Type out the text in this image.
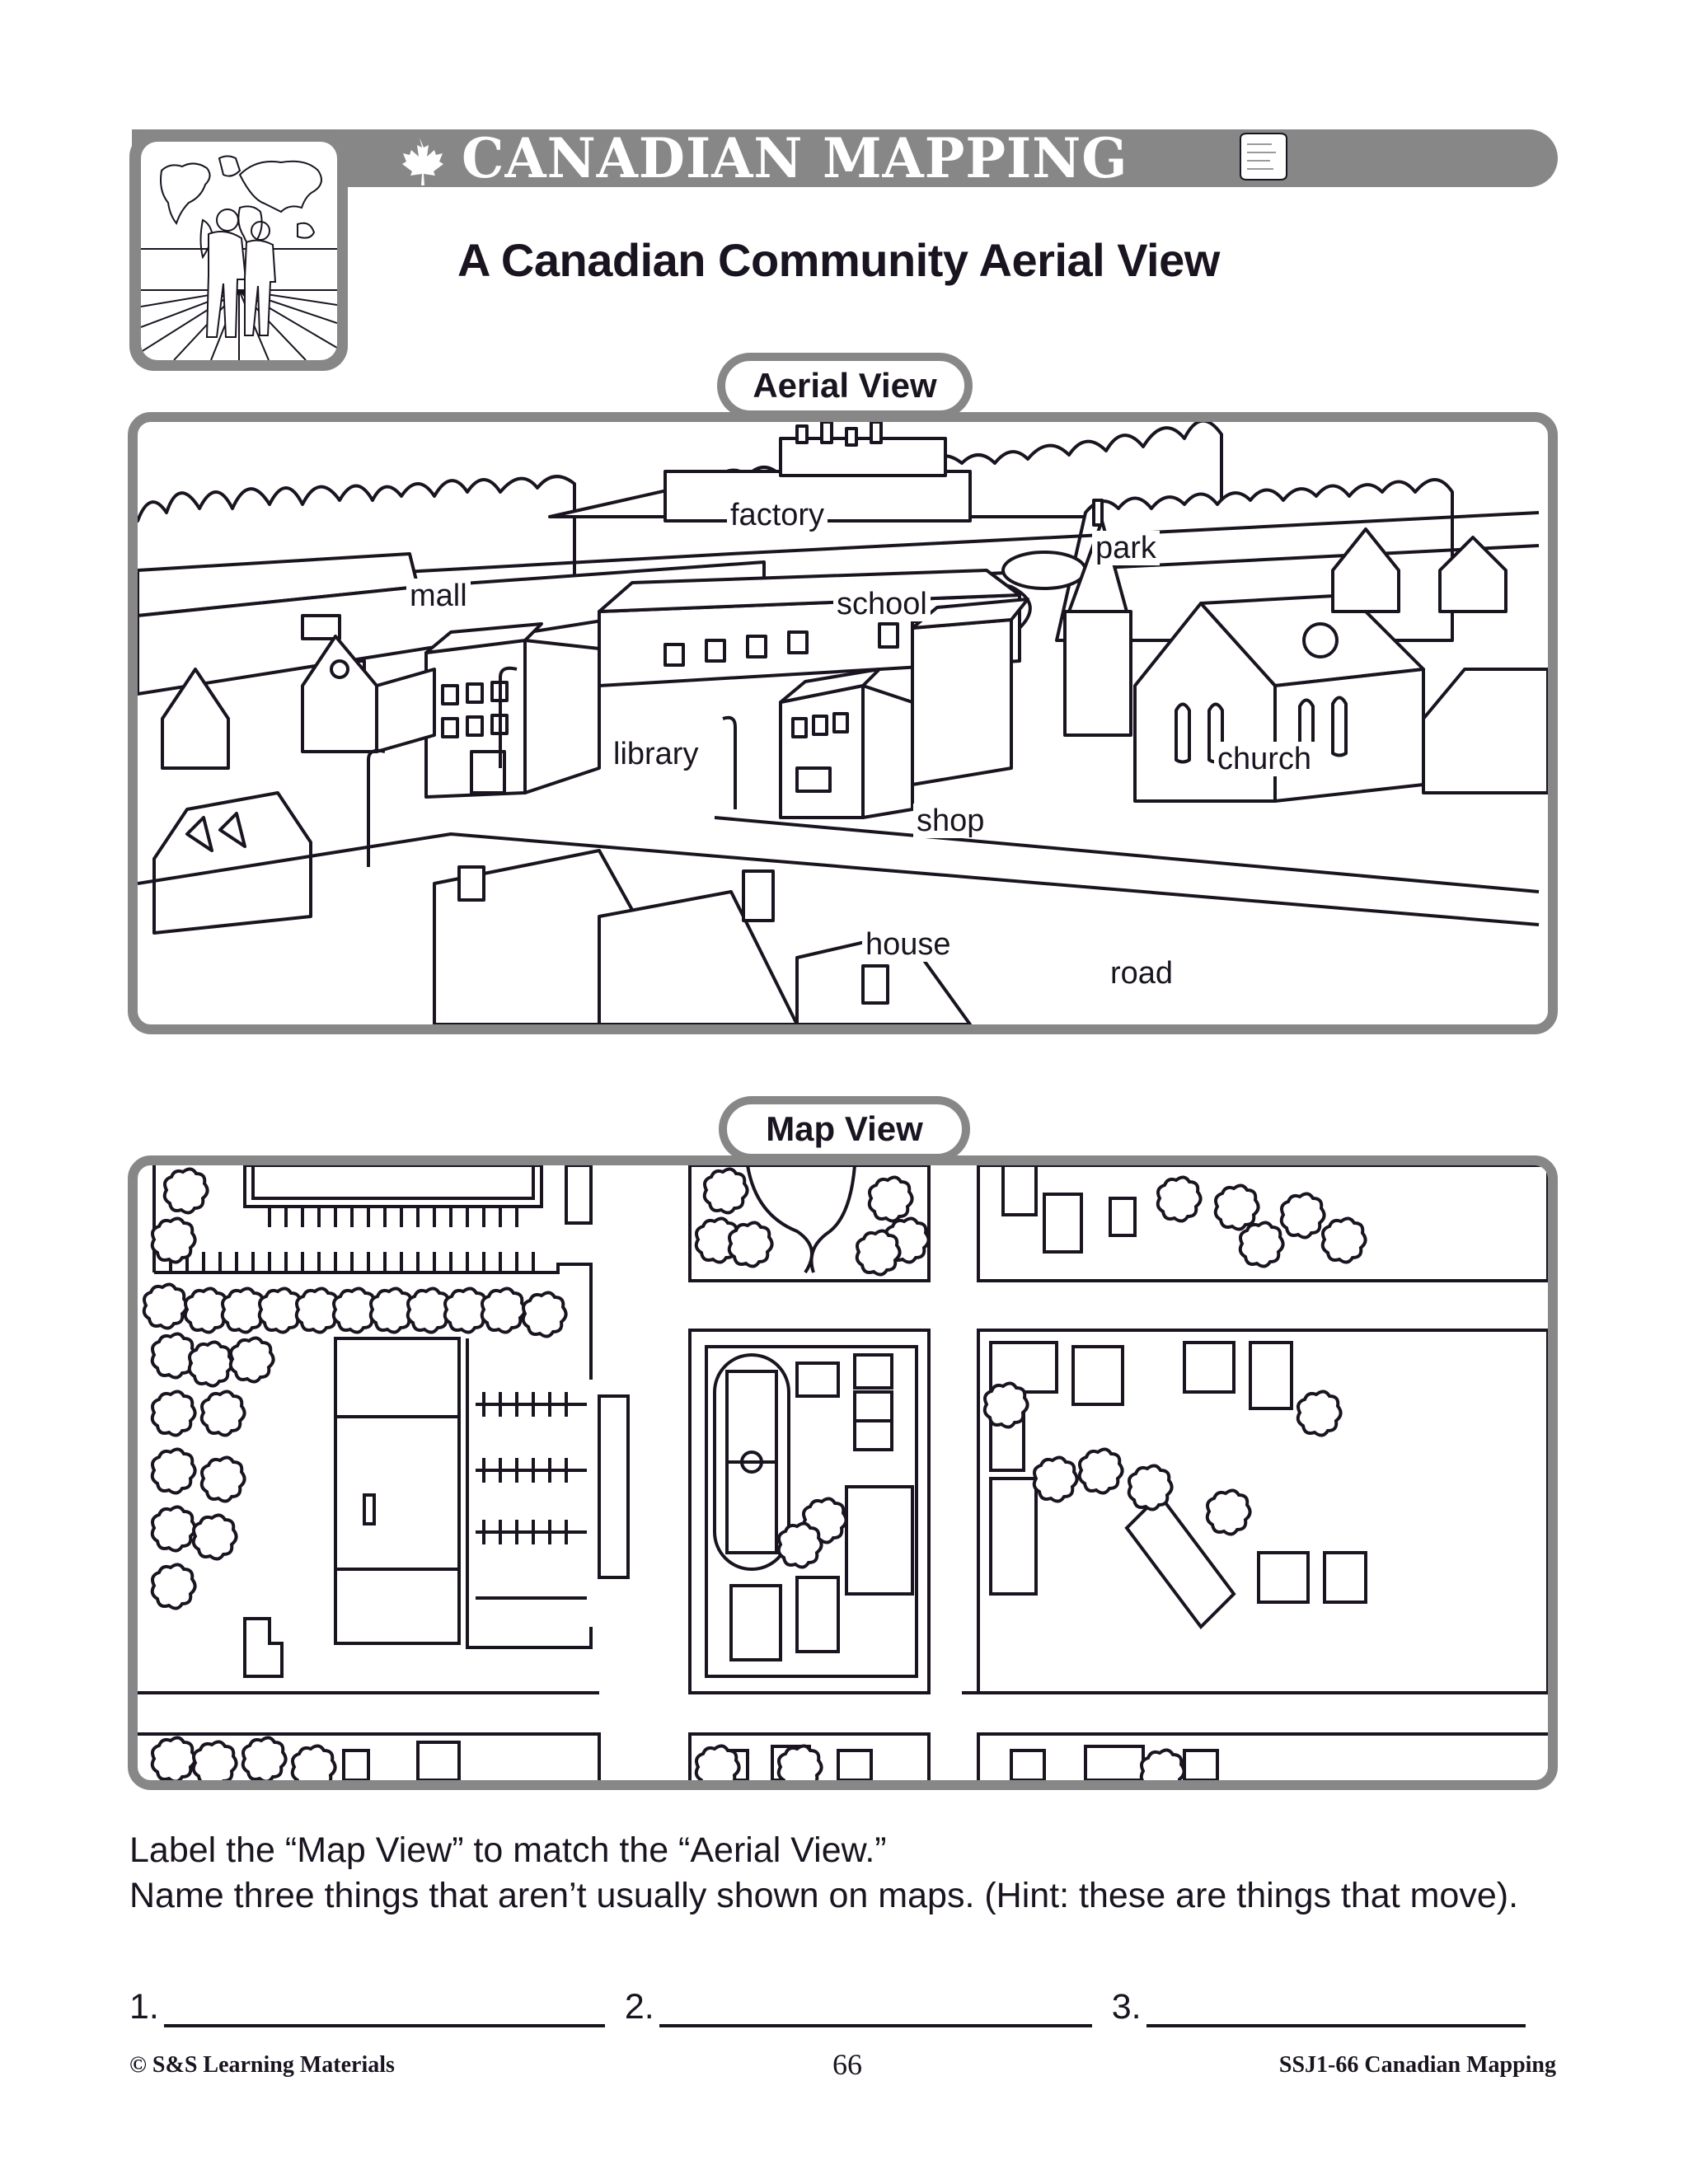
CANADIAN MAPPING
A Canadian Community Aerial View
Aerial View
factory
park
mall	school
library	church
shop
house
road
Map View
Label the “Map View” to match the “Aerial View.”
Name three things that aren’t usually shown on maps. (Hint: these are things that move).
1.	2.	3.
© S&S Learning Materials	66	SSJ1-66 Canadian Mapping
